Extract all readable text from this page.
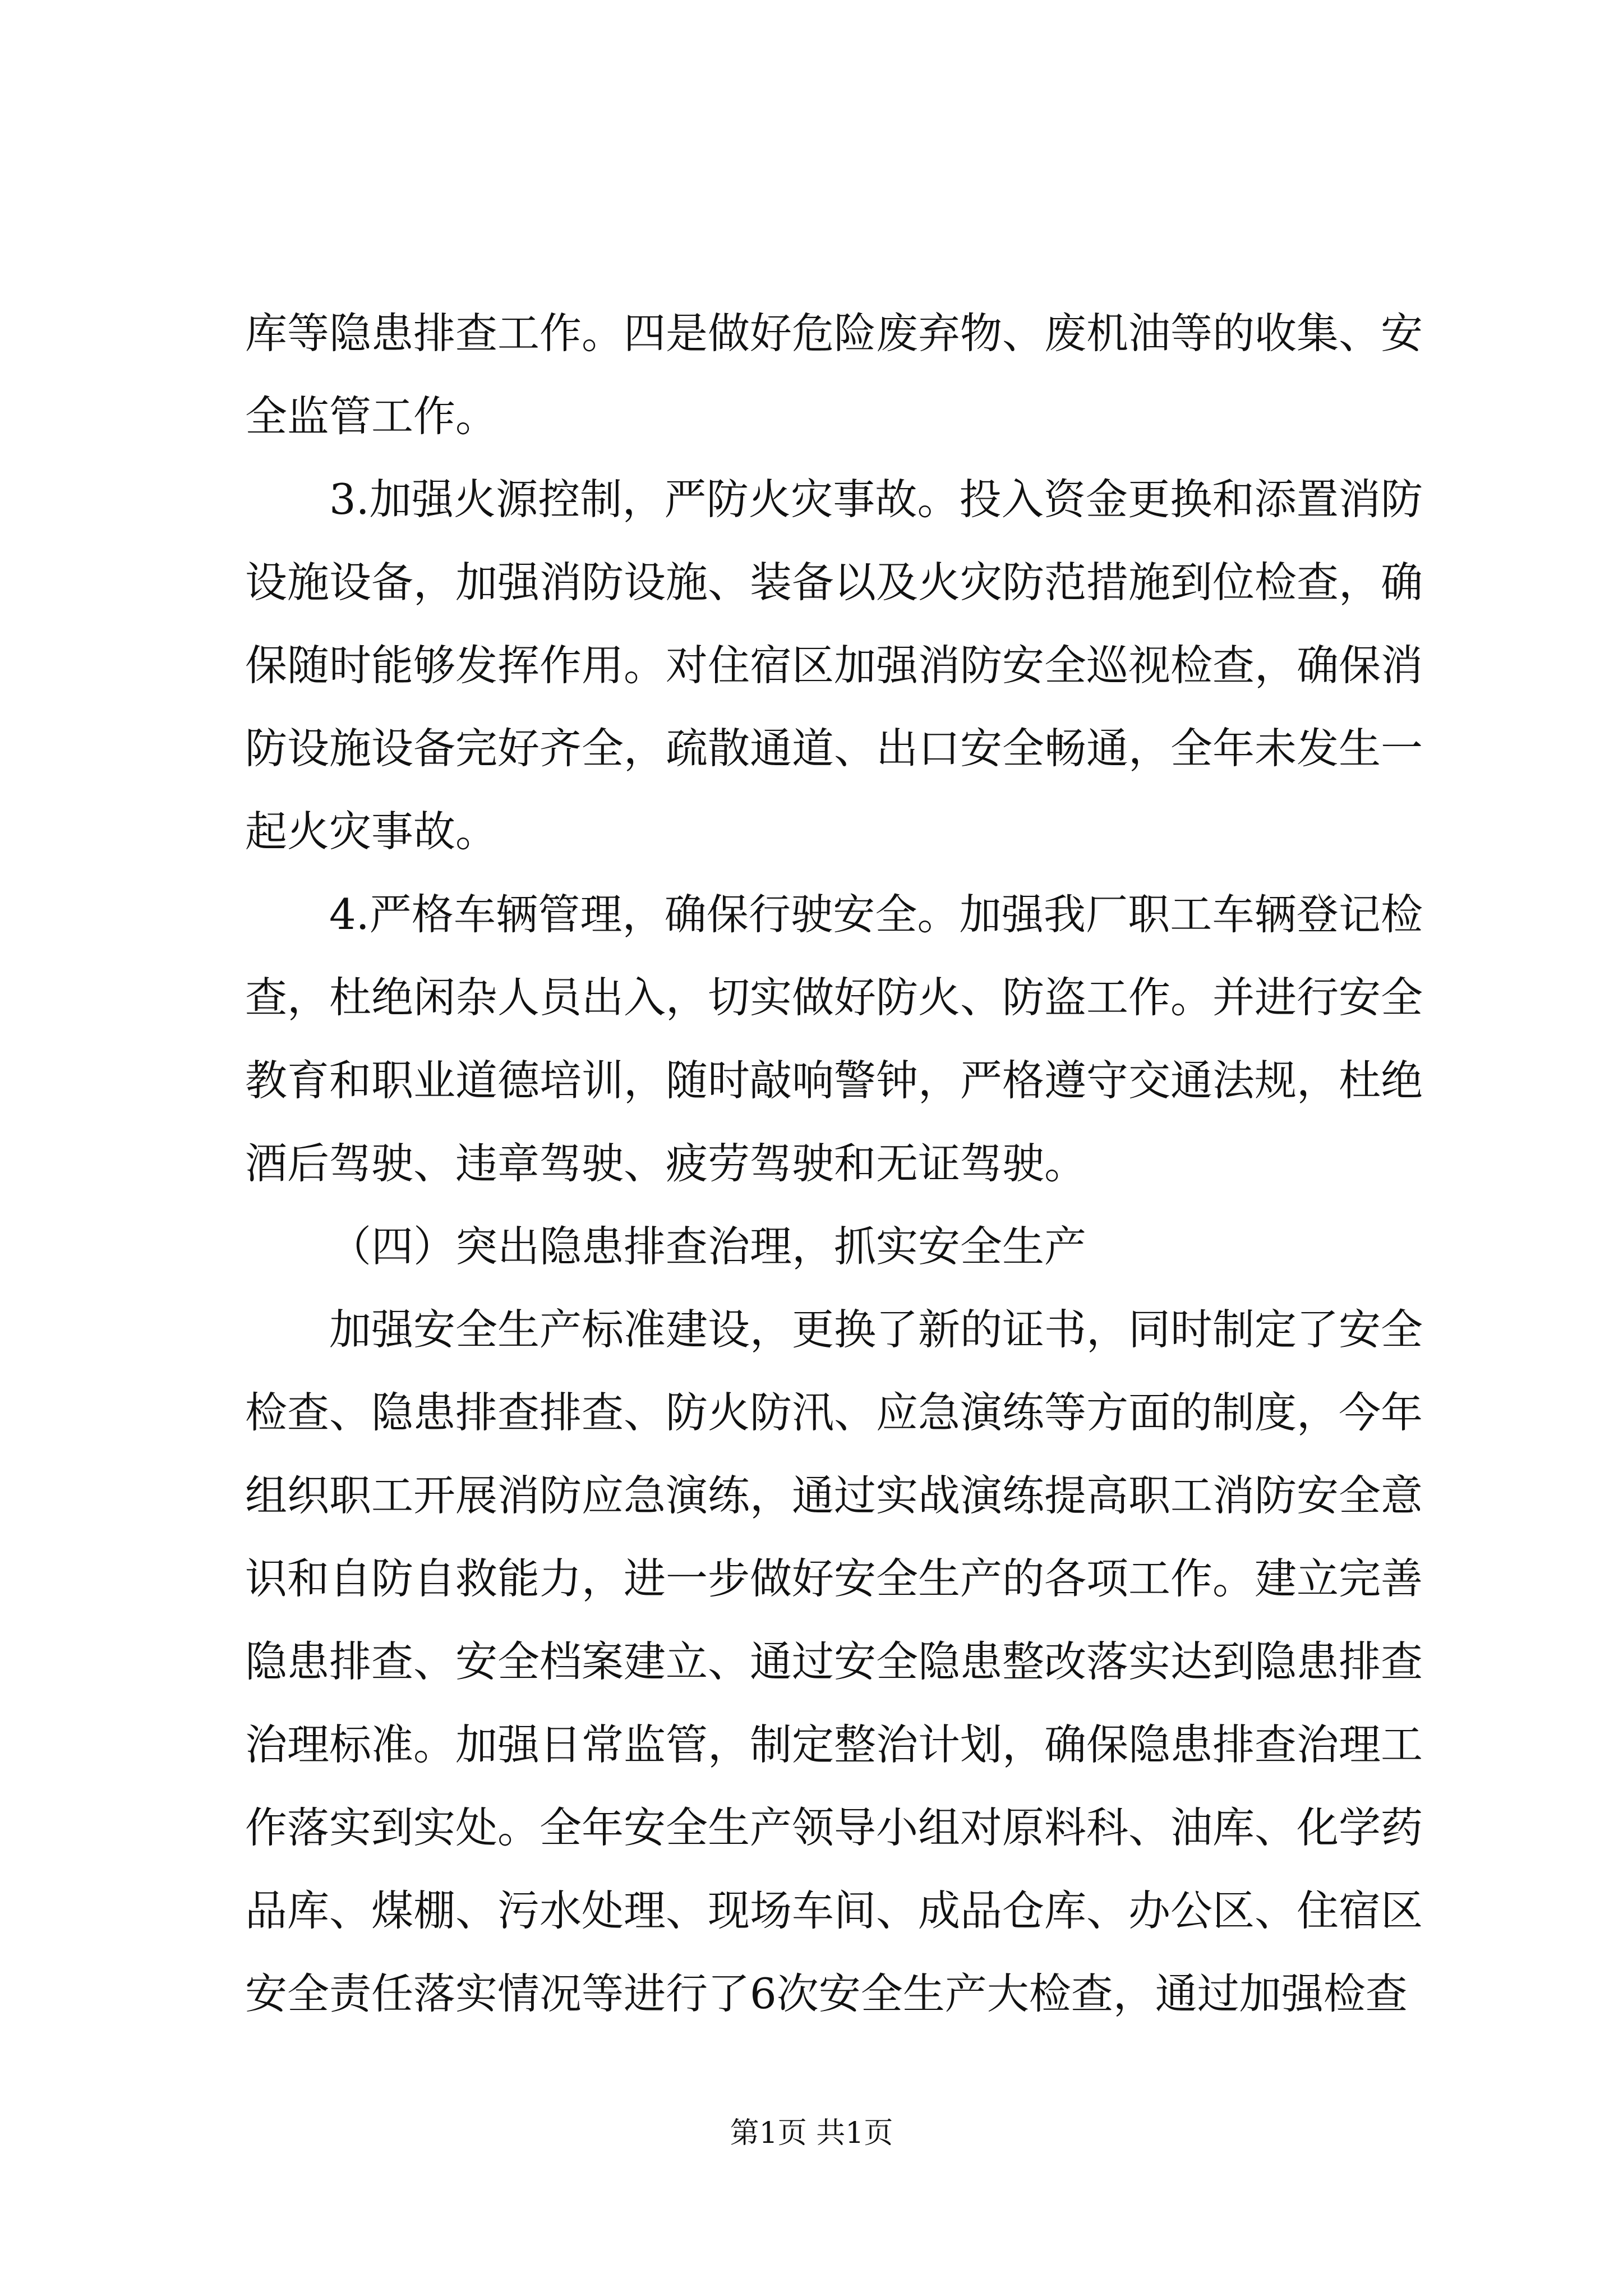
库等隐患排查工作。四是做好危险废弃物、废机油等的收集、安全监管工作。

3.加强火源控制，严防火灾事故。投入资金更换和添置消防设施设备，加强消防设施、装备以及火灾防范措施到位检查，确保随时能够发挥作用。对住宿区加强消防安全巡视检查，确保消防设施设备完好齐全，疏散通道、出口安全畅通，全年未发生一起火灾事故。

4.严格车辆管理，确保行驶安全。加强我厂职工车辆登记检查，杜绝闲杂人员出入，切实做好防火、防盗工作。并进行安全教育和职业道德培训，随时敲响警钟，严格遵守交通法规，杜绝酒后驾驶、违章驾驶、疲劳驾驶和无证驾驶。

（四）突出隐患排查治理，抓实安全生产

加强安全生产标准建设，更换了新的证书，同时制定了安全检查、隐患排查排查、防火防汛、应急演练等方面的制度，今年组织职工开展消防应急演练，通过实战演练提高职工消防安全意识和自防自救能力，进一步做好安全生产的各项工作。建立完善隐患排查、安全档案建立、通过安全隐患整改落实达到隐患排查治理标准。加强日常监管，制定整治计划，确保隐患排查治理工作落实到实处。全年安全生产领导小组对原料科、油库、化学药品库、煤棚、污水处理、现场车间、成品仓库、办公区、住宿区安全责任落实情况等进行了6次安全生产大检查，通过加强检查

第1页 共1页
